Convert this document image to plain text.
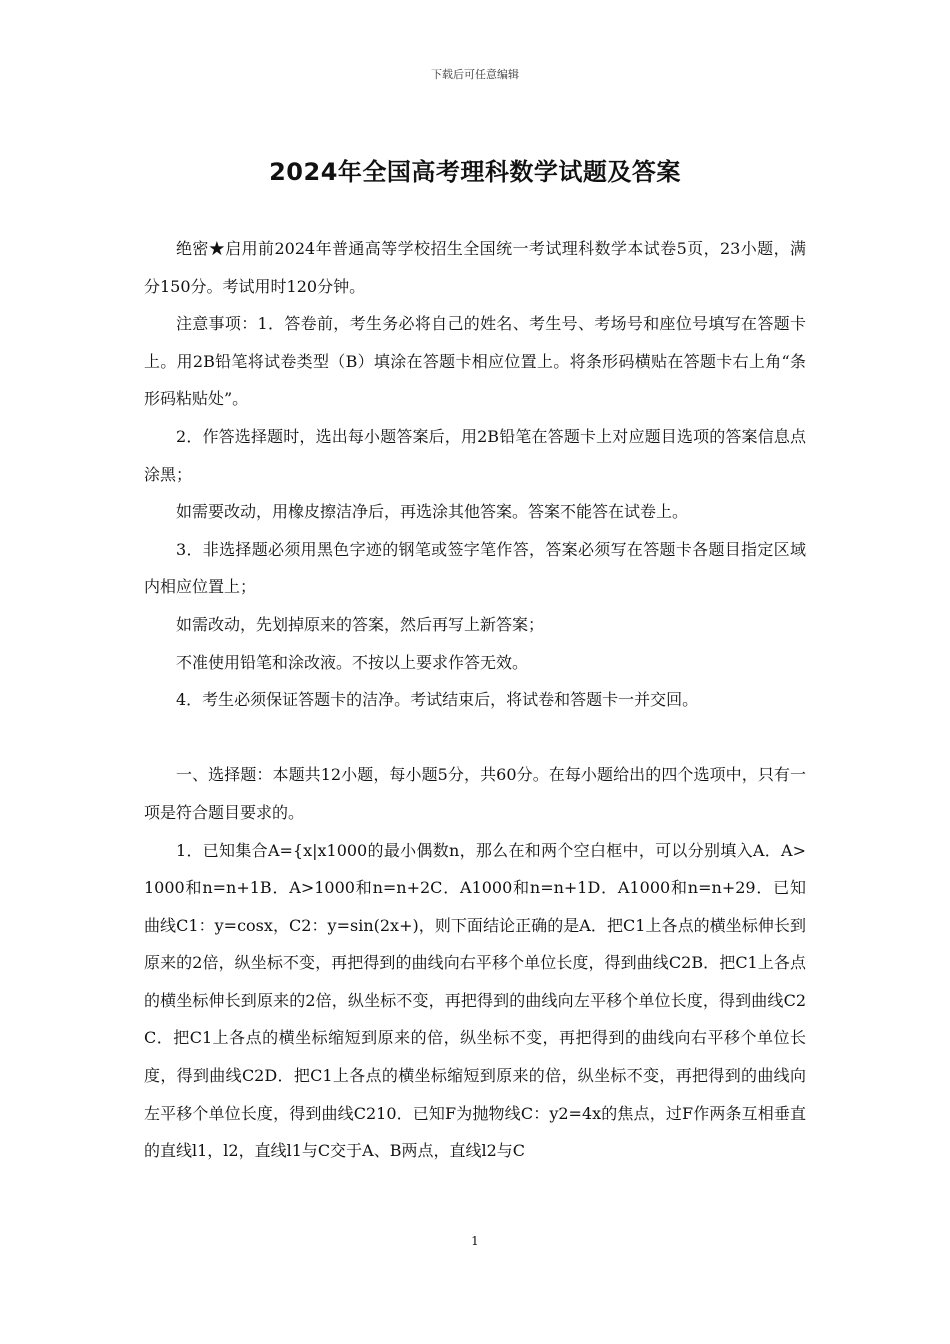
下载后可任意编辑
2024年全国高考理科数学试题及答案

绝密★启用前2024年普通高等学校招生全国统一考试理科数学本试卷5页，23小题，满分150分。考试用时120分钟。

注意事项：1．答卷前，考生务必将自己的姓名、考生号、考场号和座位号填写在答题卡上。用2B铅笔将试卷类型（B）填涂在答题卡相应位置上。将条形码横贴在答题卡右上角“条形码粘贴处”。

2．作答选择题时，选出每小题答案后，用2B铅笔在答题卡上对应题目选项的答案信息点涂黑；

如需要改动，用橡皮擦洁净后，再选涂其他答案。答案不能答在试卷上。

3．非选择题必须用黑色字迹的钢笔或签字笔作答，答案必须写在答题卡各题目指定区域内相应位置上；

如需改动，先划掉原来的答案，然后再写上新答案；

不准使用铅笔和涂改液。不按以上要求作答无效。

4．考生必须保证答题卡的洁净。考试结束后，将试卷和答题卡一并交回。

一、选择题：本题共12小题，每小题5分，共60分。在每小题给出的四个选项中，只有一项是符合题目要求的。

1．已知集合A={x|x1000的最小偶数n，那么在和两个空白框中，可以分别填入A．A>1000和n=n+1B．A>1000和n=n+2C．A1000和n=n+1D．A1000和n=n+29．已知曲线C1：y=cosx，C2：y=sin(2x+)，则下面结论正确的是A．把C1上各点的横坐标伸长到原来的2倍，纵坐标不变，再把得到的曲线向右平移个单位长度，得到曲线C2B．把C1上各点的横坐标伸长到原来的2倍，纵坐标不变，再把得到的曲线向左平移个单位长度，得到曲线C2C．把C1上各点的横坐标缩短到原来的倍，纵坐标不变，再把得到的曲线向右平移个单位长度，得到曲线C2D．把C1上各点的横坐标缩短到原来的倍，纵坐标不变，再把得到的曲线向左平移个单位长度，得到曲线C210．已知F为抛物线C：y2=4x的焦点，过F作两条互相垂直的直线l1，l2，直线l1与C交于A、B两点，直线l2与C

1
